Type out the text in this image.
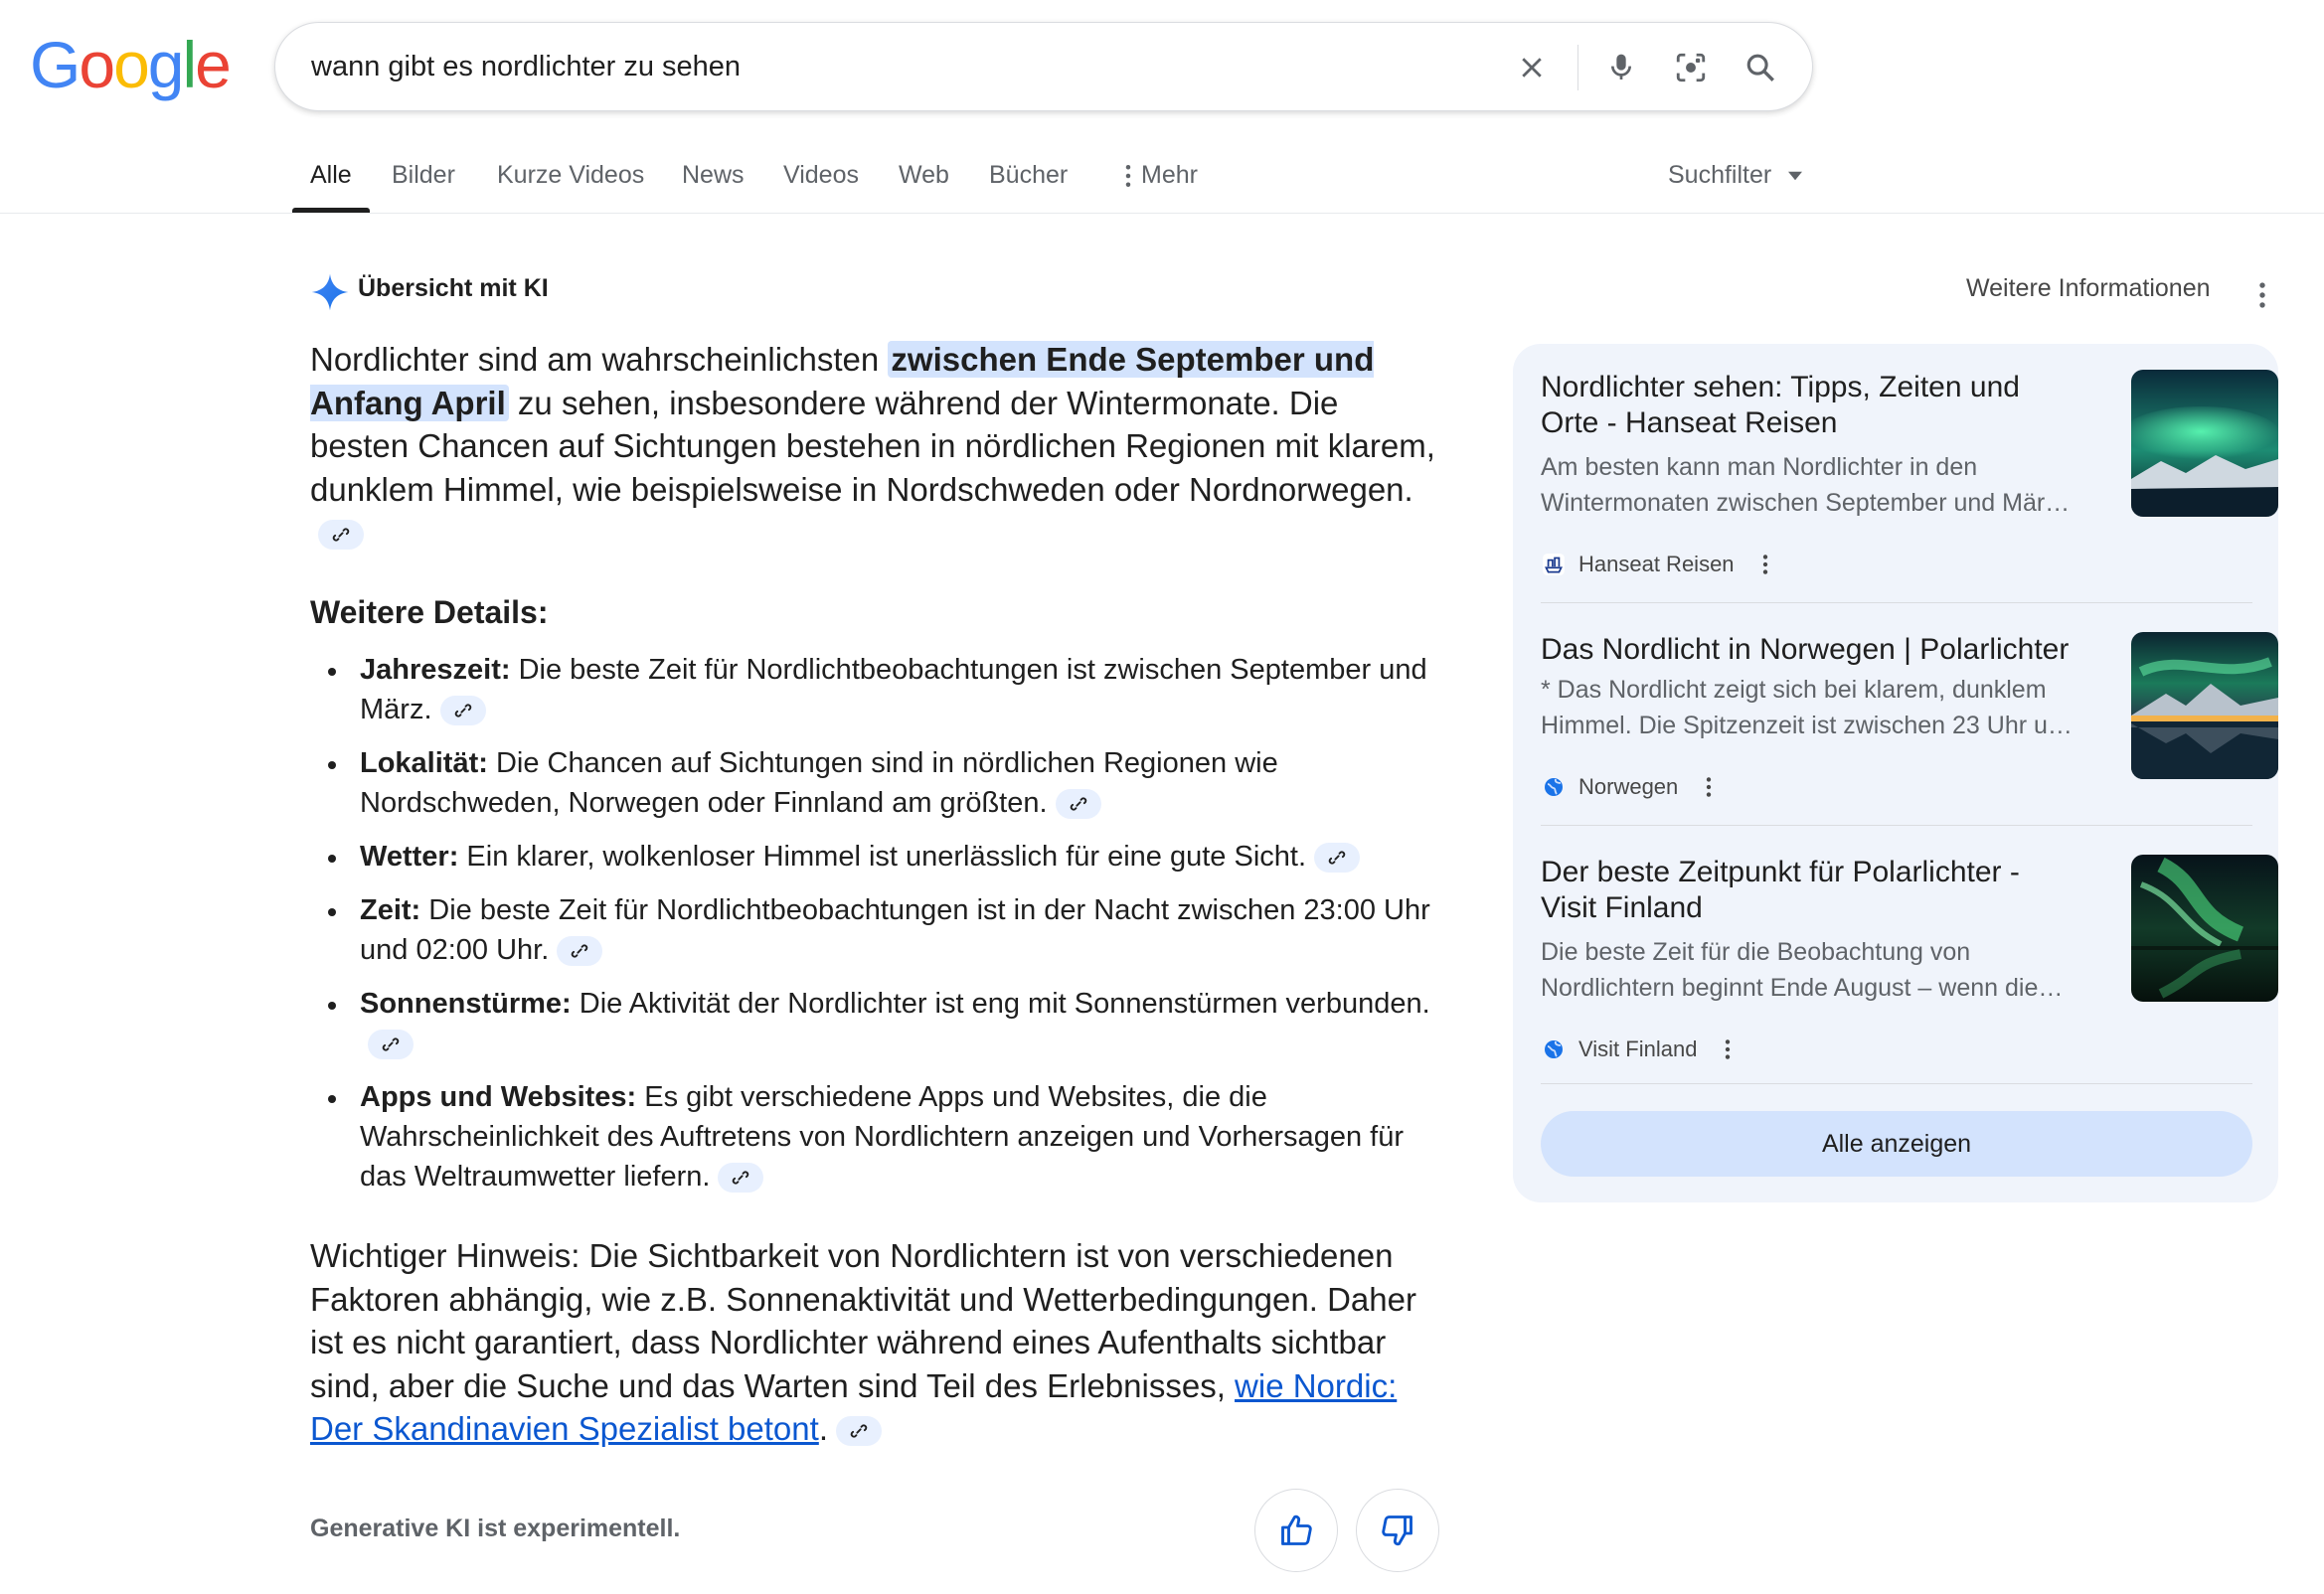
Google
wann gibt es nordlichter zu sehen
Alle Bilder Kurze Videos News Videos Web Bücher	Mehr	Suchfilter
Übersicht mit KI	Weitere Informationen
Nordlichter sind am wahrscheinlichsten zwischen Ende September und Anfang April zu sehen, insbesondere während der Wintermonate. Die besten Chancen auf Sichtungen bestehen in nördlichen Regionen mit klarem, dunklem Himmel, wie beispielsweise in Nordschweden oder Nordnorwegen.
Weitere Details:
Jahreszeit: Die beste Zeit für Nordlichtbeobachtungen ist zwischen September und März.
Lokalität: Die Chancen auf Sichtungen sind in nördlichen Regionen wie Nordschweden, Norwegen oder Finnland am größten.
Wetter: Ein klarer, wolkenloser Himmel ist unerlässlich für eine gute Sicht.
Zeit: Die beste Zeit für Nordlichtbeobachtungen ist in der Nacht zwischen 23:00 Uhr und 02:00 Uhr.
Sonnenstürme: Die Aktivität der Nordlichter ist eng mit Sonnenstürmen verbunden.
Apps und Websites: Es gibt verschiedene Apps und Websites, die die Wahrscheinlichkeit des Auftretens von Nordlichtern anzeigen und Vorhersagen für das Weltraumwetter liefern.
Wichtiger Hinweis: Die Sichtbarkeit von Nordlichtern ist von verschiedenen Faktoren abhängig, wie z.B. Sonnenaktivität und Wetterbedingungen. Daher ist es nicht garantiert, dass Nordlichter während eines Aufenthalts sichtbar sind, aber die Suche und das Warten sind Teil des Erlebnisses, wie Nordic: Der Skandinavien Spezialist betont.
Generative KI ist experimentell.
Nordlichter sehen: Tipps, Zeiten und Orte - Hanseat Reisen
Am besten kann man Nordlichter in den Wintermonaten zwischen September und Mär…
Hanseat Reisen
Das Nordlicht in Norwegen | Polarlichter
* Das Nordlicht zeigt sich bei klarem, dunklem Himmel. Die Spitzenzeit ist zwischen 23 Uhr u…
Norwegen
Der beste Zeitpunkt für Polarlichter - Visit Finland
Die beste Zeit für die Beobachtung von Nordlichtern beginnt Ende August – wenn die…
Visit Finland
Alle anzeigen
